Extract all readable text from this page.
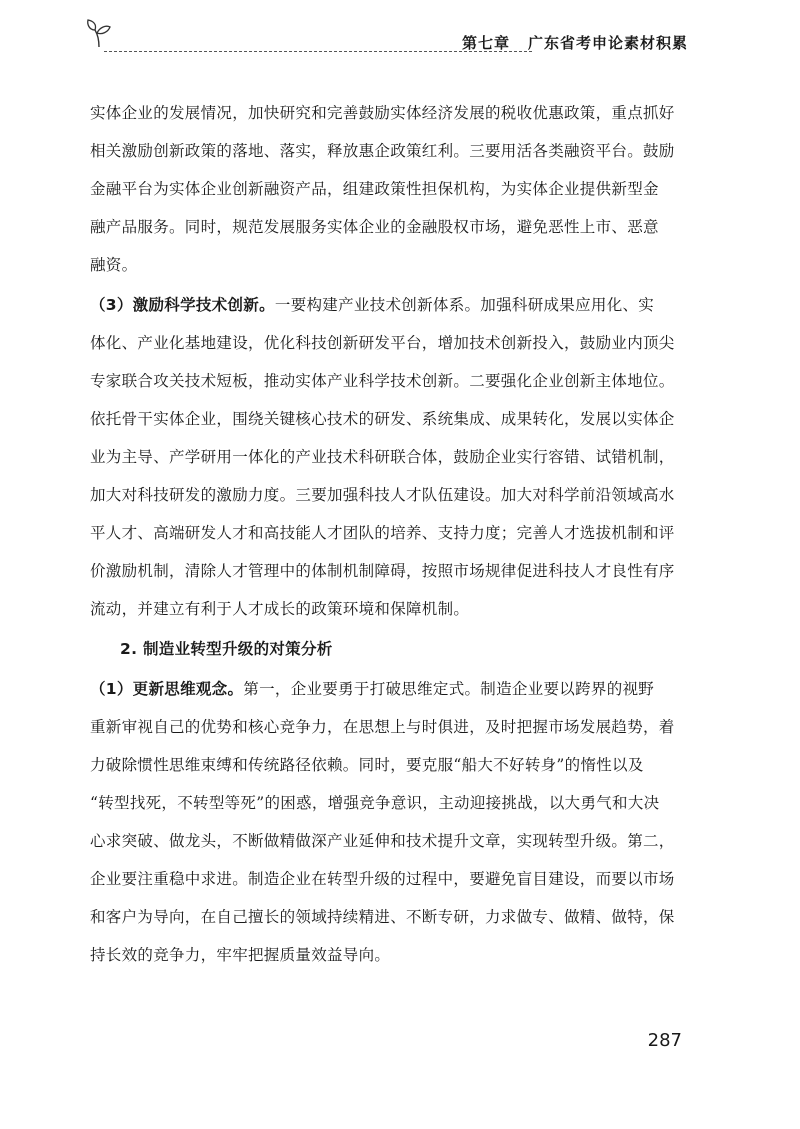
第七章 广东省考申论素材积累
实体企业的发展情况，加快研究和完善鼓励实体经济发展的税收优惠政策，重点抓好
相关激励创新政策的落地、落实，释放惠企政策红利。三要用活各类融资平台。鼓励
金融平台为实体企业创新融资产品，组建政策性担保机构，为实体企业提供新型金
融产品服务。同时，规范发展服务实体企业的金融股权市场，避免恶性上市、恶意
融资。
（3）激励科学技术创新。一要构建产业技术创新体系。加强科研成果应用化、实
体化、产业化基地建设，优化科技创新研发平台，增加技术创新投入，鼓励业内顶尖
专家联合攻关技术短板，推动实体产业科学技术创新。二要强化企业创新主体地位。
依托骨干实体企业，围绕关键核心技术的研发、系统集成、成果转化，发展以实体企
业为主导、产学研用一体化的产业技术科研联合体，鼓励企业实行容错、试错机制，
加大对科技研发的激励力度。三要加强科技人才队伍建设。加大对科学前沿领域高水
平人才、高端研发人才和高技能人才团队的培养、支持力度；完善人才选拔机制和评
价激励机制，清除人才管理中的体制机制障碍，按照市场规律促进科技人才良性有序
流动，并建立有利于人才成长的政策环境和保障机制。
2. 制造业转型升级的对策分析
（1）更新思维观念。第一，企业要勇于打破思维定式。制造企业要以跨界的视野
重新审视自己的优势和核心竞争力，在思想上与时俱进，及时把握市场发展趋势，着
力破除惯性思维束缚和传统路径依赖。同时，要克服“船大不好转身”的惰性以及
“转型找死，不转型等死”的困惑，增强竞争意识，主动迎接挑战，以大勇气和大决
心求突破、做龙头，不断做精做深产业延伸和技术提升文章，实现转型升级。第二，
企业要注重稳中求进。制造企业在转型升级的过程中，要避免盲目建设，而要以市场
和客户为导向，在自己擅长的领域持续精进、不断专研，力求做专、做精、做特，保
持长效的竞争力，牢牢把握质量效益导向。
287
